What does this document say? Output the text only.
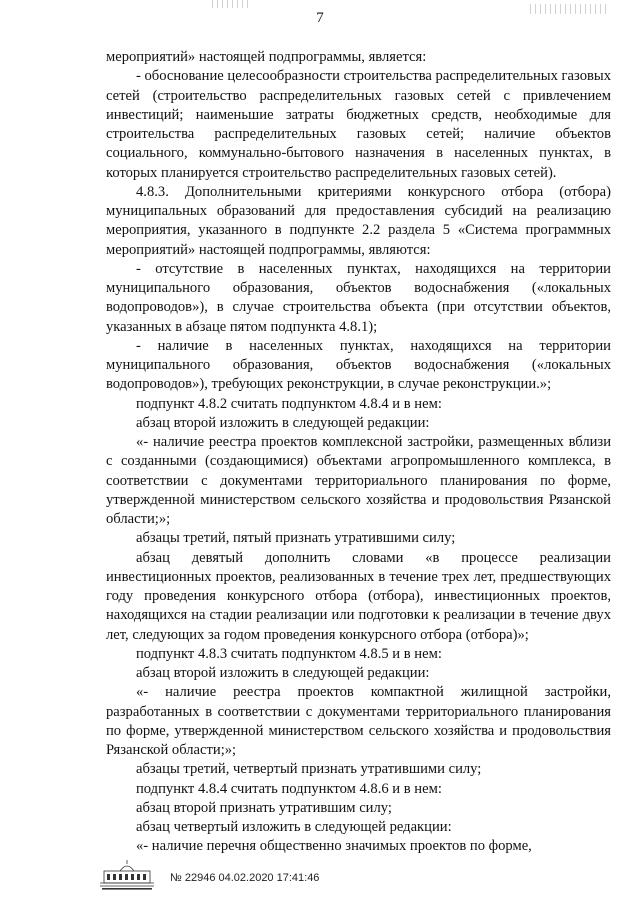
7

мероприятий» настоящей подпрограммы, является:

- обоснование целесообразности строительства распределительных газовых сетей (строительство распределительных газовых сетей с привлечением инвестиций; наименьшие затраты бюджетных средств, необходимые для строительства распределительных газовых сетей; наличие объектов социального, коммунально-бытового назначения в населенных пунктах, в которых планируется строительство распределительных газовых сетей).

4.8.3. Дополнительными критериями конкурсного отбора (отбора) муниципальных образований для предоставления субсидий на реализацию мероприятия, указанного в подпункте 2.2 раздела 5 «Система программных мероприятий» настоящей подпрограммы, являются:

- отсутствие в населенных пунктах, находящихся на территории муниципального образования, объектов водоснабжения («локальных водопроводов»), в случае строительства объекта (при отсутствии объектов, указанных в абзаце пятом подпункта 4.8.1);

- наличие в населенных пунктах, находящихся на территории муниципального образования, объектов водоснабжения («локальных водопроводов»), требующих реконструкции, в случае реконструкции.»;

подпункт 4.8.2 считать подпунктом 4.8.4 и в нем:

абзац второй изложить в следующей редакции:

«- наличие реестра проектов комплексной застройки, размещенных вблизи с созданными (создающимися) объектами агропромышленного комплекса, в соответствии с документами территориального планирования по форме, утвержденной министерством сельского хозяйства и продовольствия Рязанской области;»;

абзацы третий, пятый признать утратившими силу;

абзац девятый дополнить словами «в процессе реализации инвестиционных проектов, реализованных в течение трех лет, предшествующих году проведения конкурсного отбора (отбора), инвестиционных проектов, находящихся на стадии реализации или подготовки к реализации в течение двух лет, следующих за годом проведения конкурсного отбора (отбора)»;

подпункт 4.8.3 считать подпунктом 4.8.5 и в нем:

абзац второй изложить в следующей редакции:

«- наличие реестра проектов компактной жилищной застройки, разработанных в соответствии с документами территориального планирования по форме, утвержденной министерством сельского хозяйства и продовольствия Рязанской области;»;

абзацы третий, четвертый признать утратившими силу;

подпункт 4.8.4 считать подпунктом 4.8.6 и в нем:

абзац второй признать утратившим силу;

абзац четвертый изложить в следующей редакции:

«- наличие перечня общественно значимых проектов по форме,

№ 22946 04.02.2020 17:41:46
